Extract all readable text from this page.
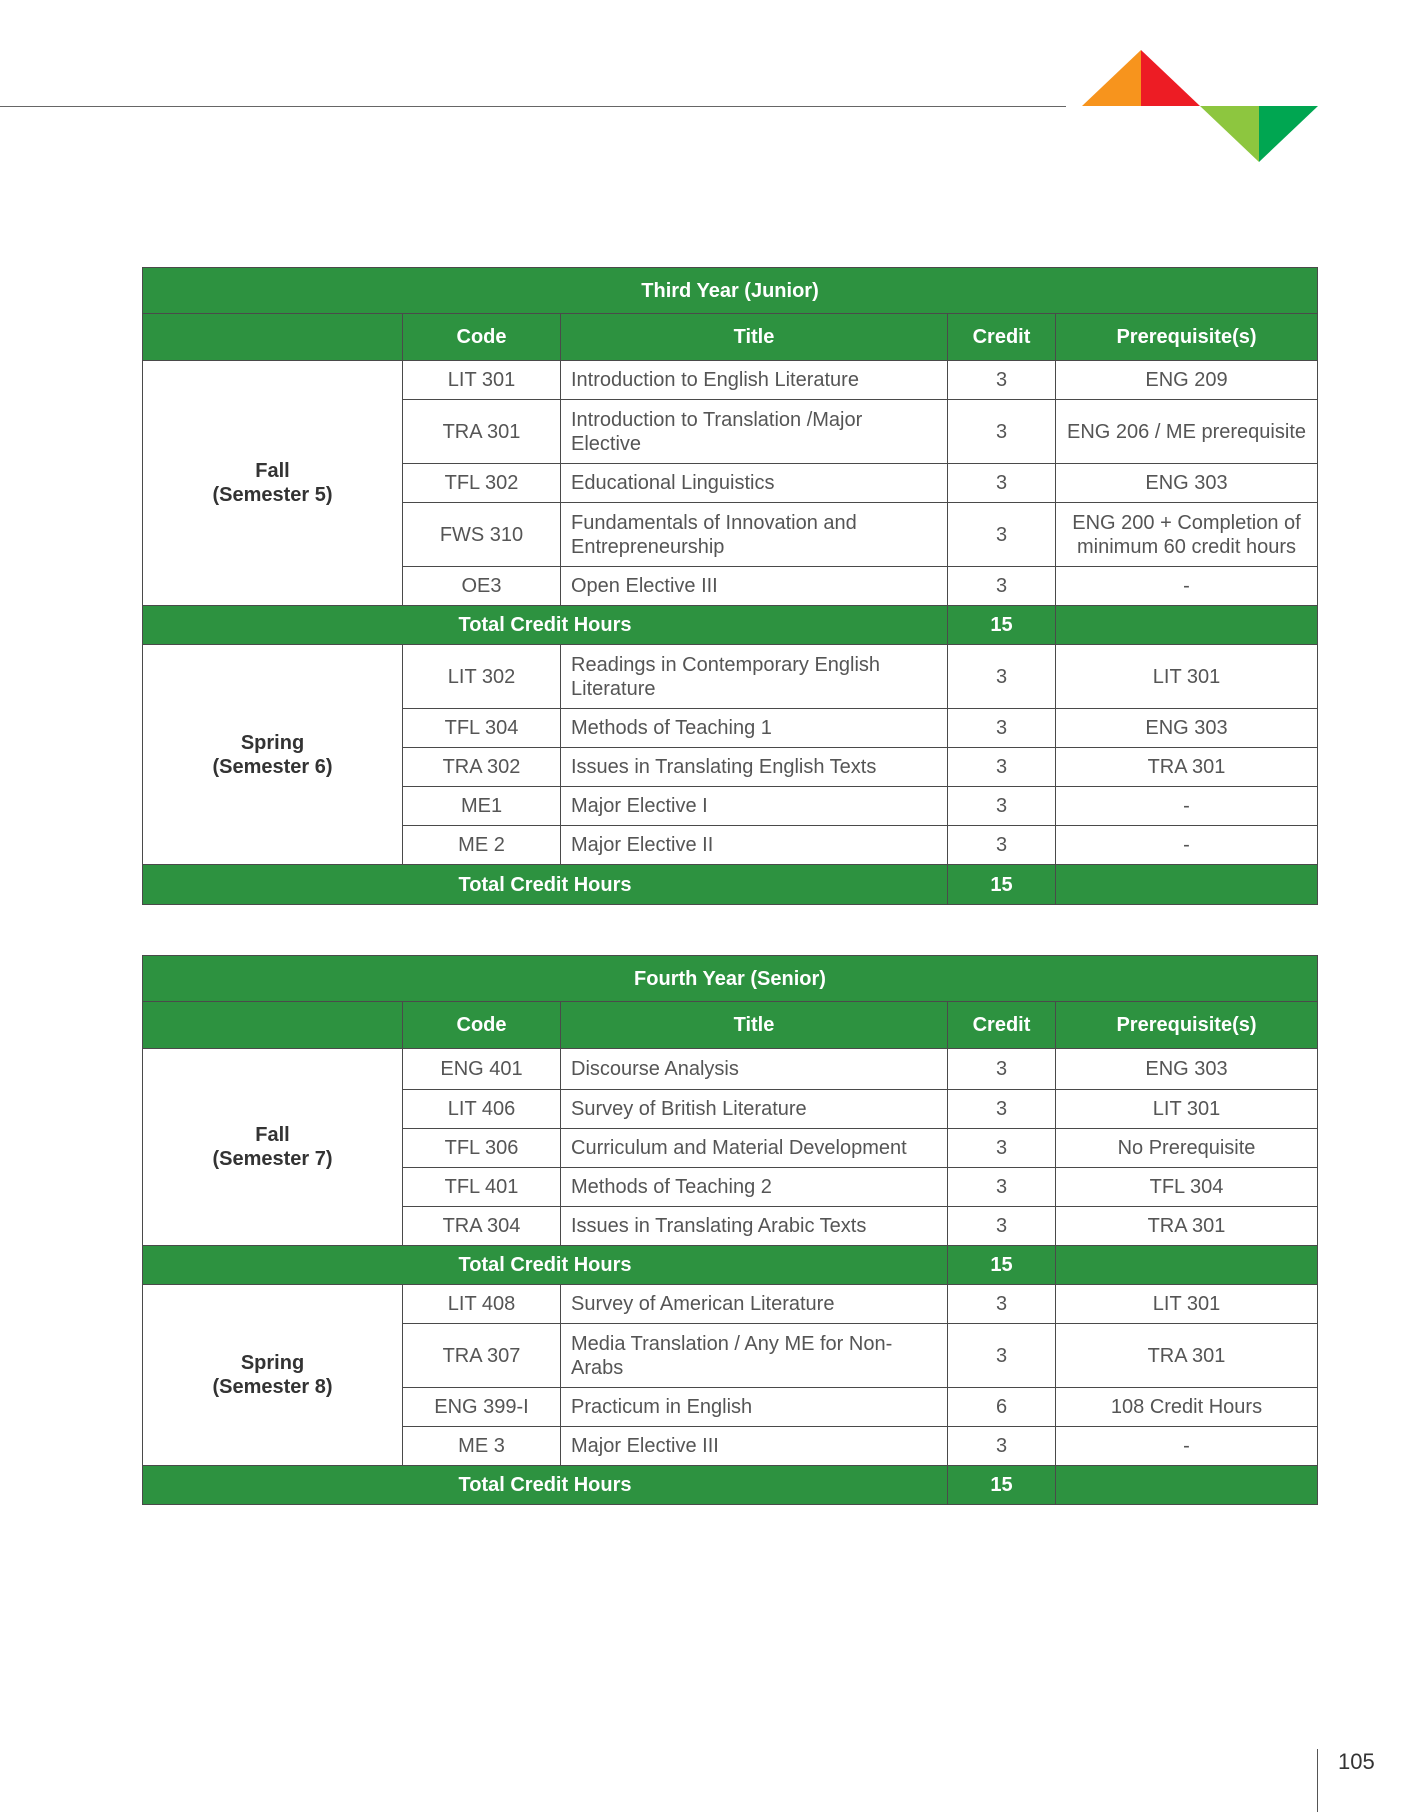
Third Year (Junior)				
	Code	Title	Credit	Prerequisite(s)

Fall
(Semester 5)	LIT 301	Introduction to English Literature	3	ENG 209
	TRA 301	Introduction to Translation /Major Elective	3	ENG 206 / ME prerequisite
	TFL 302	Educational Linguistics	3	ENG 303
	FWS 310	Fundamentals of Innovation and Entrepreneurship	3	ENG 200 + Completion of minimum 60 credit hours
	OE3	Open Elective III	3	-
Total Credit Hours			15	

Spring
(Semester 6)	LIT 302	Readings in Contemporary English Literature	3	LIT 301
	TFL 304	Methods of Teaching 1	3	ENG 303
	TRA 302	Issues in Translating English Texts	3	TRA 301
	ME1	Major Elective I	3	-
	ME 2	Major Elective II	3	-
Total Credit Hours			15	
Fourth Year (Senior)				
	Code	Title	Credit	Prerequisite(s)

Fall
(Semester 7)	ENG 401	Discourse Analysis	3	ENG 303
	LIT 406	Survey of British Literature	3	LIT 301
	TFL 306	Curriculum and Material Development	3	No Prerequisite
	TFL 401	Methods of Teaching 2	3	TFL 304
	TRA 304	Issues in Translating Arabic Texts	3	TRA 301
Total Credit Hours			15	

Spring
(Semester 8)	LIT 408	Survey of American Literature	3	LIT 301
	TRA 307	Media Translation / Any ME for Non-Arabs	3	TRA 301
	ENG 399-I	Practicum in English	6	108 Credit Hours
	ME 3	Major Elective III	3	-
Total Credit Hours			15	
105
